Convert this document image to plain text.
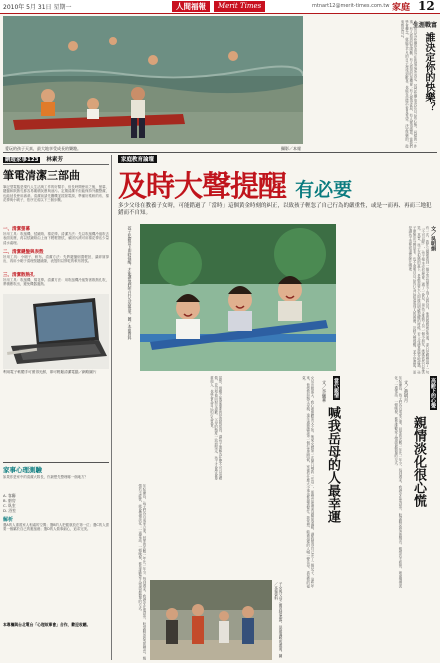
2010年 5月 31日 星期一	人間福報	Merit Times	mtnart12@merit-times.com.tw 家庭 12
愛玩的孩子天真，最大地享受成長的樂趣。	攝影／本報
生涯戰富
誰決定你的快樂？
人常常以為快樂是由外在的環境所決定，其實快樂取決於自己的心態。同樣的一件事，有人看到的是困難，有人看到的是機會；有人覺得委屈，有人覺得感恩。當我們學會轉念，就能在平凡的日子裡找到歡喜，也能在逆境中看見希望。決定快樂的，從來都是自己。
網遊家事123 林素芳
筆電清潔三部曲
筆記型電腦是現代人生活與工作的好幫手，但長時間使用之後，螢幕、鍵盤和散熱孔都容易累積灰塵與油污。定期清潔不但能保持外觀整潔，也能延長使用壽命。清潔前請先關機並拔除電源，準備好柔軟的布、棉花棒與小刷子，依序完成以下三個步驟。
一、清潔螢幕
好用工具：吹風機、拭鏡紙、棉花棒。清潔方法：先以吹風機冷風吹去表面灰塵，再以拭鏡紙由上而下輕輕擦拭，頑固污漬可用棉花棒沾少量清水處理。
二、清潔鍵盤與表殼
好用工具：小刷子、軟布。清潔方法：先將鍵盤倒置輕拍，讓碎屑掉出，再用小刷子清理按鍵縫隙，表殼則以擰乾的軟布擦拭。
三、清潔散熱孔
好用工具：吹風機、棉花棒。清潔方法：用吹風機冷風對著散熱孔吹，將積塵吹出，避免機器過熱。
利用電子軟體手可照得光鮮，即可輕鬆清潔電腦／網路圖片
家事心理測驗
如果你是家中的清潔大隊長，你最想先整理哪一個地方？
A. 客廳
B. 廚房
C. 臥室
D. 浴室
解析
選A的人重視家人相處的空間；選B的人把健康放在第一位；選C的人需要一個屬於自己的避風港；選D的人做事細心，追求完美。
本專欄與台北電台「心理故事會」合作，歡迎收聽。
家庭教育論壇
及時大聲提醒 有必要
多少父母在教養子女時，可能錯過了「當時」這個黃金時刻的糾正，以致孩子輕忽了自己行為的嚴重性，或是一而再、再而三地犯錯而不自知。
孩子犯錯當下即時提醒，才能讓他們明白行為的後果。圖／本報資料	有一次，我在公園裡看到一個小男孩搶走了別人的玩具，他的媽媽就在旁邊，卻只是輕聲說了一句「不可以喔」，孩子根本沒有理會。過了一會兒，男孩又推倒了另一個小朋友，媽媽依然只是笑笑。其實，孩子在犯錯的當下，是最需要大人即時而明確提醒的時候。若父母總是溫吞地放過，孩子便無法分辨是非，也不會明白自己的行為已經造成別人的困擾。及時大聲提醒，並不是責罵，而是讓孩子清楚知道界線在哪裡。	文／吳明娟
當然，提醒之後更重要的是說明原因，讓孩子理解為什麼不可以這樣做，並引導他向對方道歉。父母的態度一致而堅定，孩子才會學會尊重他人，也學會為自己的行為負責。	當代親情
喊我岳母的人最幸運
文／李儷華
女兒出嫁那天，我心裡既歡喜又不捨。後來女婿第一次開口喊我「岳母」，那聲音裡帶著誠懇與溫暖，讓我覺得自己多了一個兒子。這些年來，他待我如親生母親，逢年過節總是第一個打電話問候，家裡有什麼大小事也都搶著幫忙。我常想，能被這樣的人喊一聲岳母，真是我的福氣。	高齡下的心聲
親情淡化很心慌
文／黃明月
年紀漸長，孩子們各自成家立業，回家的次數一年比一年少。每到週末，我總守在電話旁，盼望聽見熟悉的聲音。親情若不經營，就會慢慢淡化；一通電話、一頓晚餐，都是維繫家人情感最簡單的方式。
子女與父母之間真情流露，是最溫暖的畫面。圖／本報資料
年紀漸長，孩子們各自成家立業，回家的次數一年比一年少。每到週末，我總守在電話旁，盼望聽見熟悉的聲音。親情若不經營，就會慢慢淡化；一通電話、一頓晚餐，都是維繫家人情感最簡單的方式。
